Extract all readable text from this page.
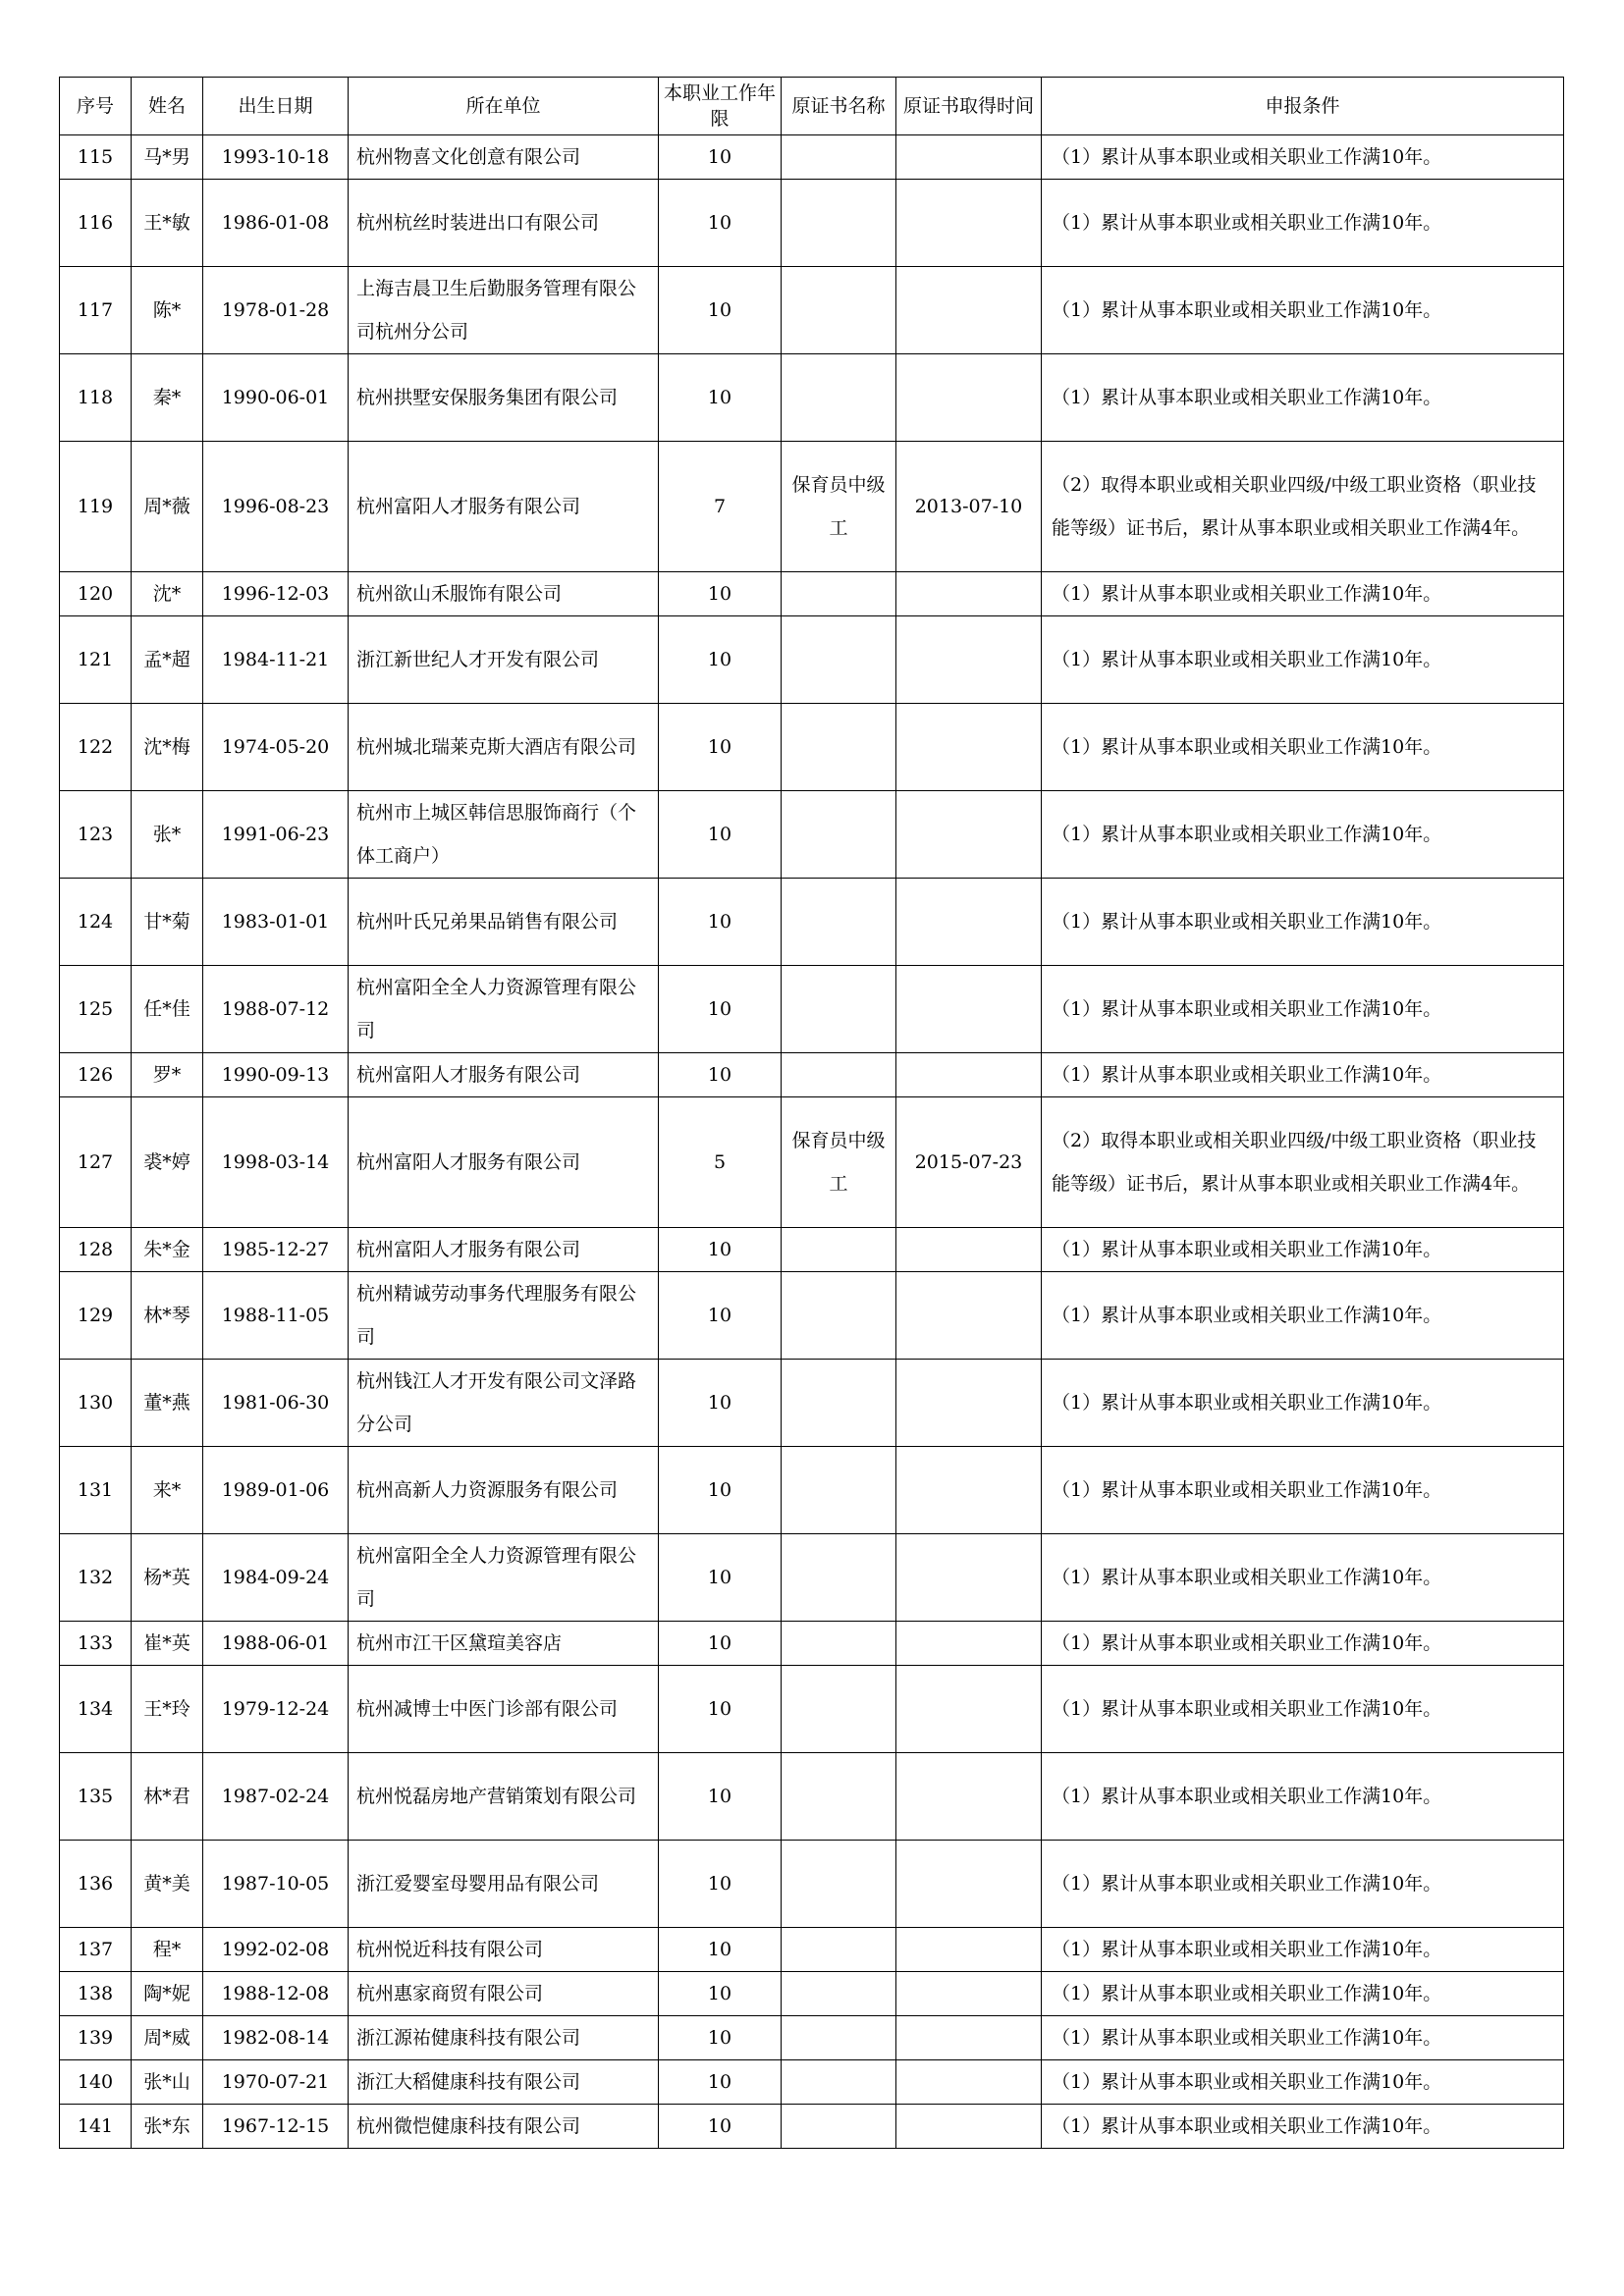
序号	姓名	出生日期	所在单位	本职业工作年限	原证书名称	原证书取得时间	申报条件
115	马*男	1993-10-18	杭州物喜文化创意有限公司	10			（1）累计从事本职业或相关职业工作满10年。
116	王*敏	1986-01-08	杭州杭丝时装进出口有限公司	10			（1）累计从事本职业或相关职业工作满10年。
117	陈*	1978-01-28	上海吉晨卫生后勤服务管理有限公司杭州分公司	10			（1）累计从事本职业或相关职业工作满10年。
118	秦*	1990-06-01	杭州拱墅安保服务集团有限公司	10			（1）累计从事本职业或相关职业工作满10年。
119	周*薇	1996-08-23	杭州富阳人才服务有限公司	7	保育员中级工	2013-07-10	（2）取得本职业或相关职业四级/中级工职业资格（职业技能等级）证书后，累计从事本职业或相关职业工作满4年。
120	沈*	1996-12-03	杭州欲山禾服饰有限公司	10			（1）累计从事本职业或相关职业工作满10年。
121	孟*超	1984-11-21	浙江新世纪人才开发有限公司	10			（1）累计从事本职业或相关职业工作满10年。
122	沈*梅	1974-05-20	杭州城北瑞莱克斯大酒店有限公司	10			（1）累计从事本职业或相关职业工作满10年。
123	张*	1991-06-23	杭州市上城区韩信思服饰商行（个体工商户）	10			（1）累计从事本职业或相关职业工作满10年。
124	甘*菊	1983-01-01	杭州叶氏兄弟果品销售有限公司	10			（1）累计从事本职业或相关职业工作满10年。
125	任*佳	1988-07-12	杭州富阳全全人力资源管理有限公司	10			（1）累计从事本职业或相关职业工作满10年。
126	罗*	1990-09-13	杭州富阳人才服务有限公司	10			（1）累计从事本职业或相关职业工作满10年。
127	裘*婷	1998-03-14	杭州富阳人才服务有限公司	5	保育员中级工	2015-07-23	（2）取得本职业或相关职业四级/中级工职业资格（职业技能等级）证书后，累计从事本职业或相关职业工作满4年。
128	朱*金	1985-12-27	杭州富阳人才服务有限公司	10			（1）累计从事本职业或相关职业工作满10年。
129	林*琴	1988-11-05	杭州精诚劳动事务代理服务有限公司	10			（1）累计从事本职业或相关职业工作满10年。
130	董*燕	1981-06-30	杭州钱江人才开发有限公司文泽路分公司	10			（1）累计从事本职业或相关职业工作满10年。
131	来*	1989-01-06	杭州高新人力资源服务有限公司	10			（1）累计从事本职业或相关职业工作满10年。
132	杨*英	1984-09-24	杭州富阳全全人力资源管理有限公司	10			（1）累计从事本职业或相关职业工作满10年。
133	崔*英	1988-06-01	杭州市江干区黛瑄美容店	10			（1）累计从事本职业或相关职业工作满10年。
134	王*玲	1979-12-24	杭州减博士中医门诊部有限公司	10			（1）累计从事本职业或相关职业工作满10年。
135	林*君	1987-02-24	杭州悦磊房地产营销策划有限公司	10			（1）累计从事本职业或相关职业工作满10年。
136	黄*美	1987-10-05	浙江爱婴室母婴用品有限公司	10			（1）累计从事本职业或相关职业工作满10年。
137	程*	1992-02-08	杭州悦近科技有限公司	10			（1）累计从事本职业或相关职业工作满10年。
138	陶*妮	1988-12-08	杭州惠家商贸有限公司	10			（1）累计从事本职业或相关职业工作满10年。
139	周*威	1982-08-14	浙江源祐健康科技有限公司	10			（1）累计从事本职业或相关职业工作满10年。
140	张*山	1970-07-21	浙江大稻健康科技有限公司	10			（1）累计从事本职业或相关职业工作满10年。
141	张*东	1967-12-15	杭州微恺健康科技有限公司	10			（1）累计从事本职业或相关职业工作满10年。
